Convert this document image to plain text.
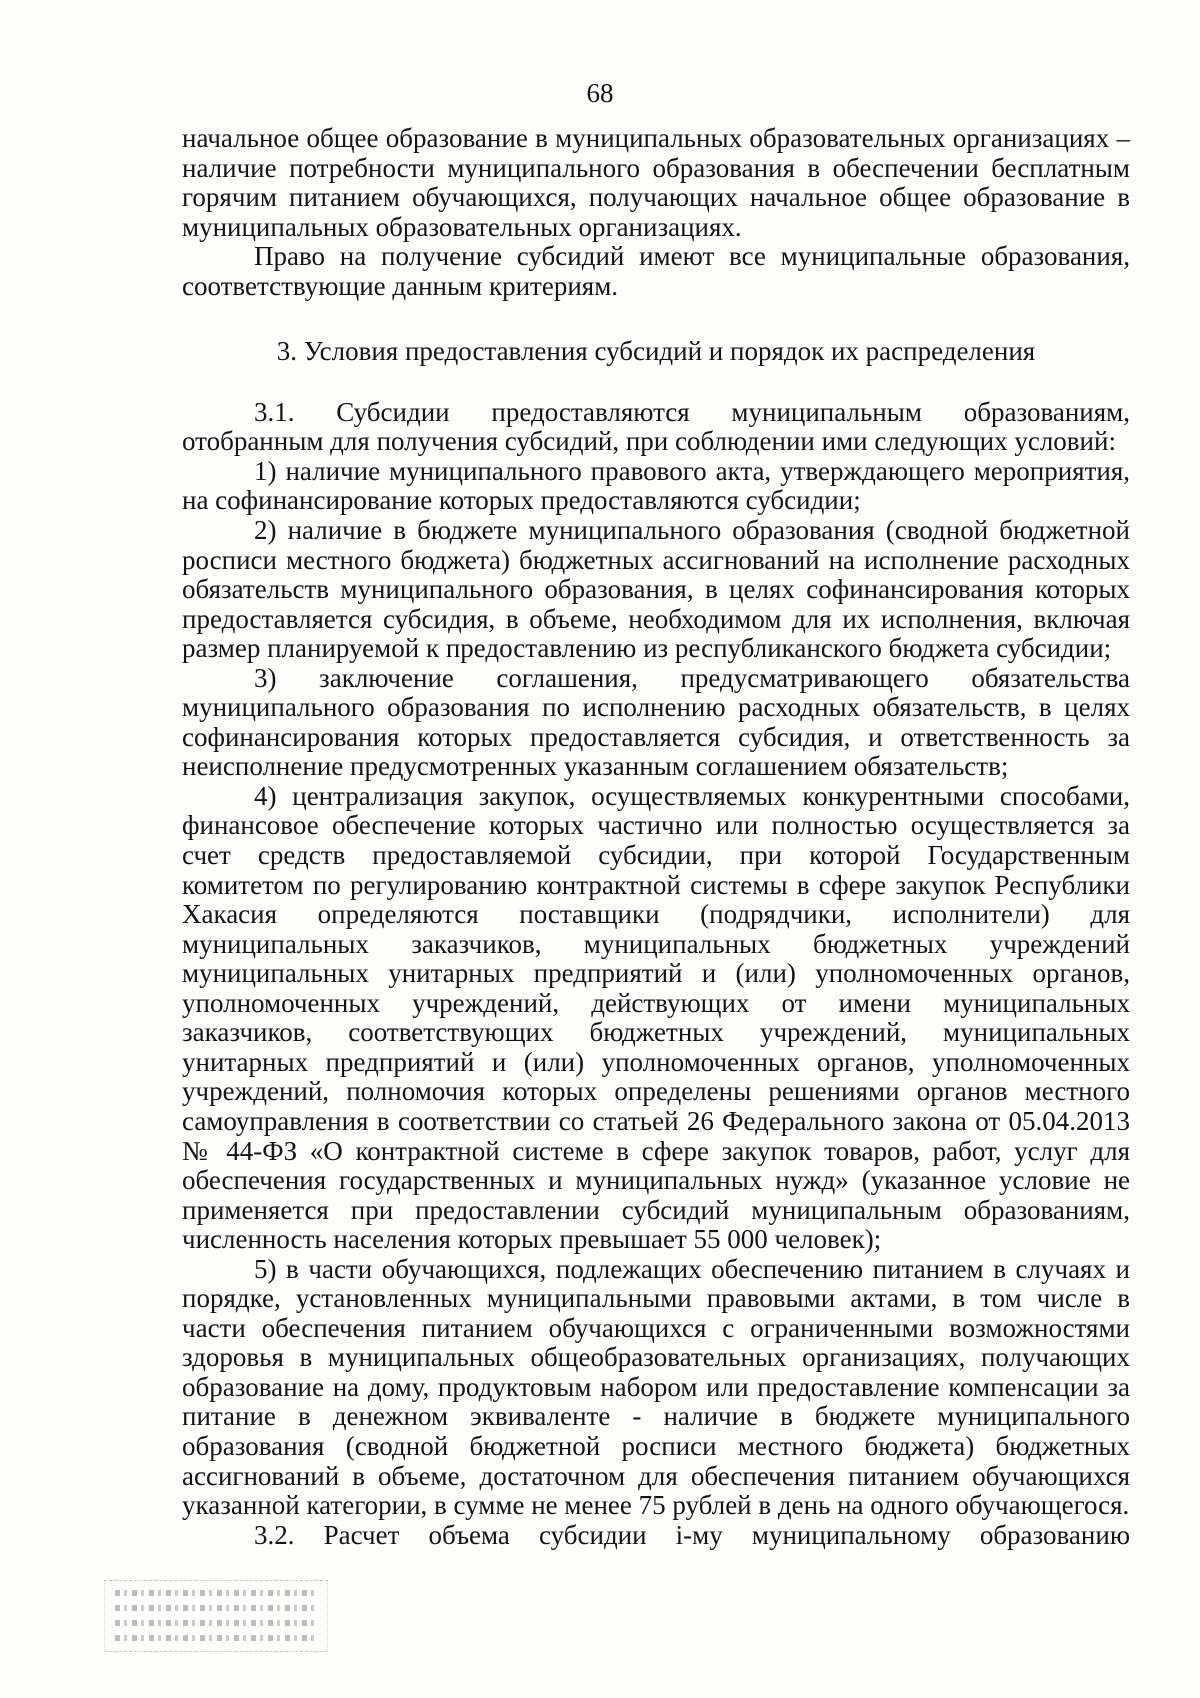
68

начальное общее образование в муниципальных образовательных организациях – наличие потребности муниципального образования в обеспечении бесплатным горячим питанием обучающихся, получающих начальное общее образование в муниципальных образовательных организациях.

Право на получение субсидий имеют все муниципальные образования, соответствующие данным критериям.

3. Условия предоставления субсидий и порядок их распределения

3.1. Субсидии предоставляются муниципальным образованиям, отобранным для получения субсидий, при соблюдении ими следующих условий:

1) наличие муниципального правового акта, утверждающего мероприятия, на софинансирование которых предоставляются субсидии;

2) наличие в бюджете муниципального образования (сводной бюджетной росписи местного бюджета) бюджетных ассигнований на исполнение расходных обязательств муниципального образования, в целях софинансирования которых предоставляется субсидия, в объеме, необходимом для их исполнения, включая размер планируемой к предоставлению из республиканского бюджета субсидии;

3) заключение соглашения, предусматривающего обязательства муниципального образования по исполнению расходных обязательств, в целях софинансирования которых предоставляется субсидия, и ответственность за неисполнение предусмотренных указанным соглашением обязательств;

4) централизация закупок, осуществляемых конкурентными способами, финансовое обеспечение которых частично или полностью осуществляется за счет средств предоставляемой субсидии, при которой Государственным комитетом по регулированию контрактной системы в сфере закупок Республики Хакасия определяются поставщики (подрядчики, исполнители) для муниципальных заказчиков, муниципальных бюджетных учреждений муниципальных унитарных предприятий и (или) уполномоченных органов, уполномоченных учреждений, действующих от имени муниципальных заказчиков, соответствующих бюджетных учреждений, муниципальных унитарных предприятий и (или) уполномоченных органов, уполномоченных учреждений, полномочия которых определены решениями органов местного самоуправления в соответствии со статьей 26 Федерального закона от 05.04.2013 № 44-ФЗ «О контрактной системе в сфере закупок товаров, работ, услуг для обеспечения государственных и муниципальных нужд» (указанное условие не применяется при предоставлении субсидий муниципальным образованиям, численность населения которых превышает 55 000 человек);

5) в части обучающихся, подлежащих обеспечению питанием в случаях и порядке, установленных муниципальными правовыми актами, в том числе в части обеспечения питанием обучающихся с ограниченными возможностями здоровья в муниципальных общеобразовательных организациях, получающих образование на дому, продуктовым набором или предоставление компенсации за питание в денежном эквиваленте - наличие в бюджете муниципального образования (сводной бюджетной росписи местного бюджета) бюджетных ассигнований в объеме, достаточном для обеспечения питанием обучающихся указанной категории, в сумме не менее 75 рублей в день на одного обучающегося.

3.2. Расчет объема субсидии i-му муниципальному образованию
